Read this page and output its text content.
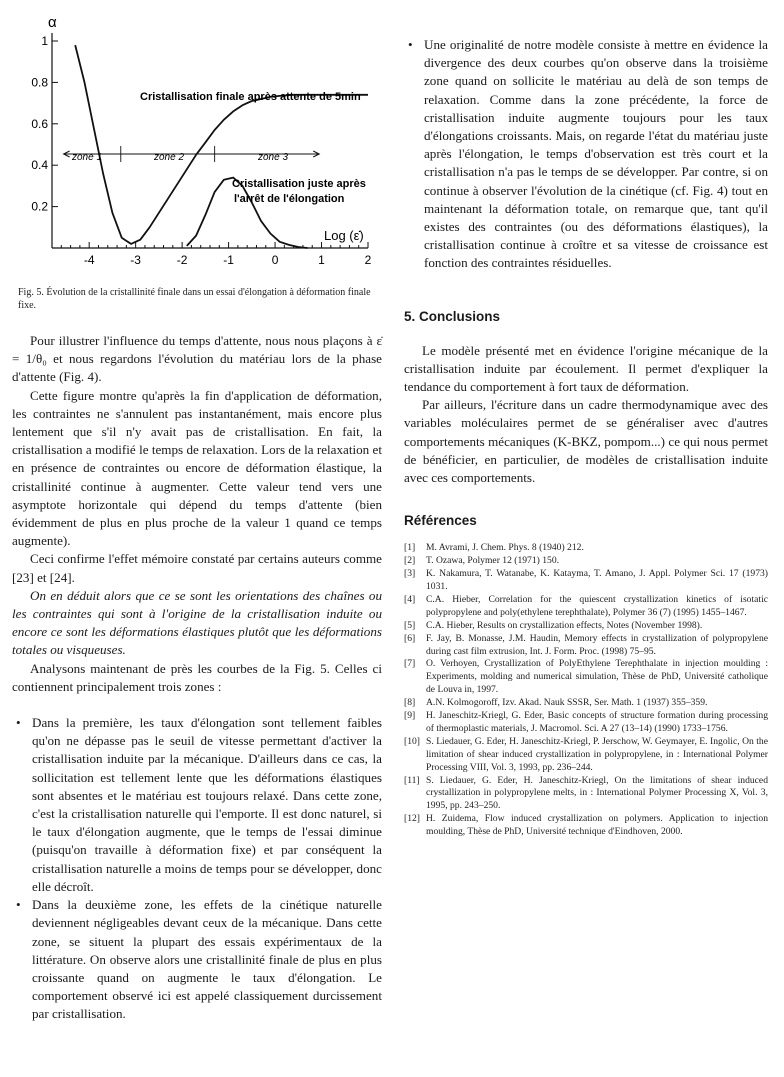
1
0.8
0.6
0.4
0.2
-4	-3	-2	-1	0	1	2
α
Cristallisation finale après attente de 5min
Cristallisation juste après
l'arrêt de l'élongation
zone 1	zone 2	zone 3
Log (ε̇)

Fig. 5. Évolution de la cristallinité finale dans un essai d'élongation à déformation finale fixe.

Pour illustrer l'influence du temps d'attente, nous nous plaçons à ε̇ = 1/θ₀ et nous regardons l'évolution du matériau lors de la phase d'attente (Fig. 4).

Cette figure montre qu'après la fin d'application de déformation, les contraintes ne s'annulent pas instantanément, mais encore plus lentement que s'il n'y avait pas de cristallisation. En fait, la cristallisation a modifié le temps de relaxation. Lors de la relaxation et en présence de contraintes ou encore de déformation élastique, la cristallinité continue à augmenter. Cette valeur tend vers une asymptote horizontale qui dépend du temps d'attente (bien évidemment de plus en plus proche de la valeur 1 quand ce temps augmente).

Ceci confirme l'effet mémoire constaté par certains auteurs comme [23] et [24].

On en déduit alors que ce se sont les orientations des chaînes ou les contraintes qui sont à l'origine de la cristallisation induite ou encore ce sont les déformations élastiques plutôt que les déformations totales ou visqueuses.

Analysons maintenant de près les courbes de la Fig. 5. Celles ci contiennent principalement trois zones :

• Dans la première, les taux d'élongation sont tellement faibles qu'on ne dépasse pas le seuil de vitesse permettant d'activer la cristallisation induite par la mécanique. D'ailleurs dans ce cas, la sollicitation est tellement lente que les déformations élastiques sont absentes et le matériau est toujours relaxé. Dans cette zone, c'est la cristallisation naturelle qui l'emporte. Il est donc naturel, si le taux d'élongation augmente, que le temps de l'essai diminue (puisqu'on travaille à déformation fixe) et par conséquent la cristallisation naturelle a moins de temps pour se développer, donc elle décroît.
• Dans la deuxième zone, les effets de la cinétique naturelle deviennent négligeables devant ceux de la mécanique. Dans cette zone, se situent la plupart des essais expérimentaux de la littérature. On observe alors une cristallinité finale de plus en plus croissante quand on augmente le taux d'élongation. Le comportement observé ici est appelé classiquement durcissement par cristallisation.
• Une originalité de notre modèle consiste à mettre en évidence la divergence des deux courbes qu'on observe dans la troisième zone quand on sollicite le matériau au delà de son temps de relaxation. Comme dans la zone précédente, la force de cristallisation induite augmente toujours pour les taux d'élongations croissants. Mais, on regarde l'état du matériau juste après l'élongation, le temps d'observation est très court et la cristallisation n'a pas le temps de se développer. Par contre, si on continue à observer l'évolution de la cinétique (cf. Fig. 4) tout en maintenant la déformation totale, on remarque que, tant qu'il existes des contraintes (ou des déformations élastiques), la cristallisation continue à croître et sa vitesse de croissance est fonction des contraintes résiduelles.
5. Conclusions

Le modèle présenté met en évidence l'origine mécanique de la cristallisation induite par écoulement. Il permet d'expliquer la tendance du comportement à fort taux de déformation.

Par ailleurs, l'écriture dans un cadre thermodynamique avec des variables moléculaires permet de se généraliser avec d'autres comportements mécaniques (K-BKZ, pompom...) ce qui nous permet de bénéficier, en particulier, de modèles de cristallisation induite avec ces comportements.

Références
[1] M. Avrami, J. Chem. Phys. 8 (1940) 212.
[2] T. Ozawa, Polymer 12 (1971) 150.
[3] K. Nakamura, T. Watanabe, K. Katayma, T. Amano, J. Appl. Polymer Sci. 17 (1973) 1031.
[4] C.A. Hieber, Correlation for the quiescent crystallization kinetics of isotatic polypropylene and poly(ethylene terephthalate), Polymer 36 (7) (1995) 1455–1467.
[5] C.A. Hieber, Results on crystallization effects, Notes (November 1998).
[6] F. Jay, B. Monasse, J.M. Haudin, Memory effects in crystallization of polypropylene during cast film extrusion, Int. J. Form. Proc. (1998) 75–95.
[7] O. Verhoyen, Crystallization of PolyEthylene Terephthalate in injection moulding : Experiments, molding and numerical simulation, Thèse de PhD, Université catholique de Louva in, 1997.
[8] A.N. Kolmogoroff, Izv. Akad. Nauk SSSR, Ser. Math. 1 (1937) 355–359.
[9] H. Janeschitz-Kriegl, G. Eder, Basic concepts of structure formation during processing of thermoplastic materials, J. Macromol. Sci. A 27 (13–14) (1990) 1733–1756.
[10] S. Liedauer, G. Eder, H. Janeschitz-Kriegl, P. Jerschow, W. Geymayer, E. Ingolic, On the limitation of shear induced crystallization in polypropylene, in : International Polymer Processing VIII, Vol. 3, 1993, pp. 236–244.
[11] S. Liedauer, G. Eder, H. Janeschitz-Kriegl, On the limitations of shear induced crystallization in polypropylene melts, in : International Polymer Processing X, Vol. 3, 1995, pp. 243–250.
[12] H. Zuidema, Flow induced crystallization on polymers. Application to injection moulding, Thèse de PhD, Université technique d'Eindhoven, 2000.
